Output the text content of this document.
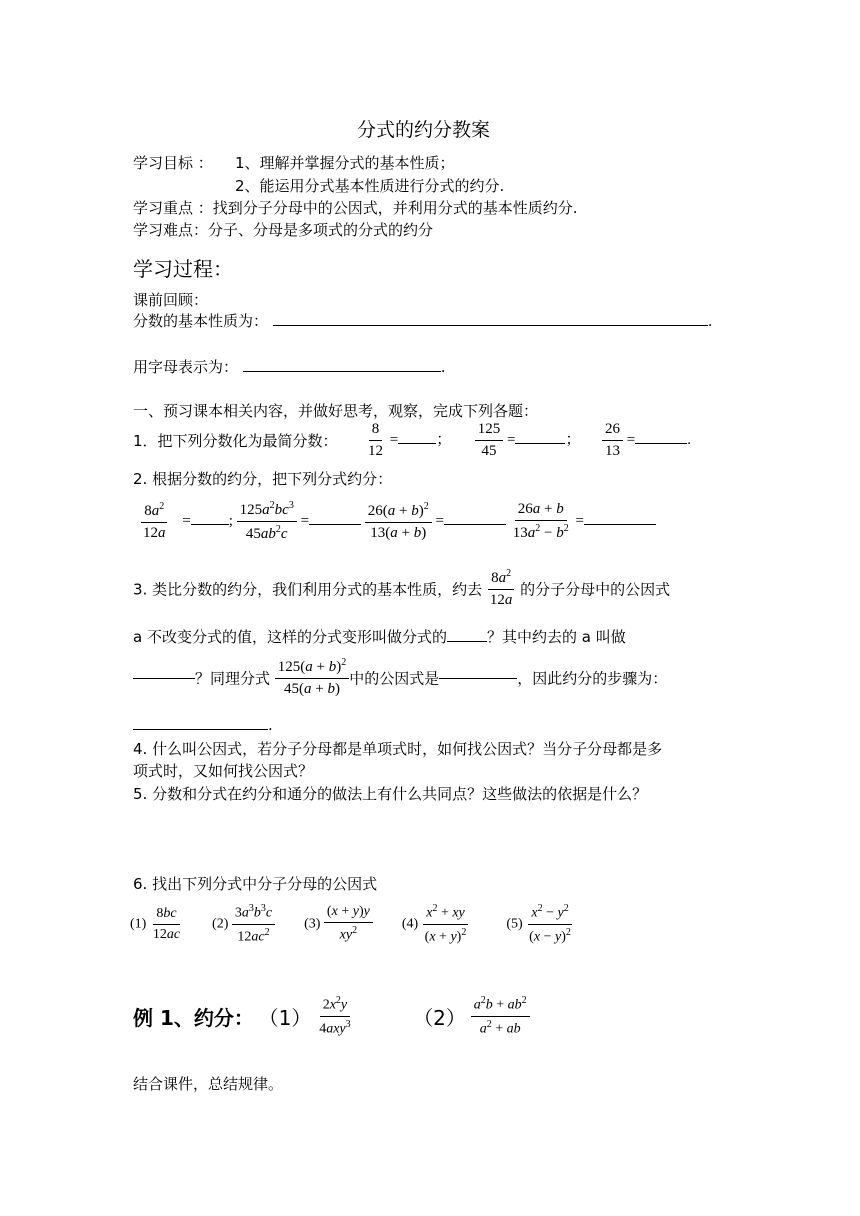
分式的约分教案
学习目标 ： 1、理解并掌握分式的基本性质；
2、能运用分式基本性质进行分式的约分.
学习重点 ：找到分子分母中的公因式，并利用分式的基本性质约分.
学习难点：分子、分母是多项式的分式的约分
学习过程：
课前回顾：
分数的基本性质为：	.
用字母表示为：	.
一、预习课本相关内容，并做好思考，观察，完成下列各题：
1．把下列分数化为最简分数： $\frac{8}{12}$ =	； $\frac{125}{45}$ =	； $\frac{26}{13}$ =	.
2. 根据分数的约分，把下列分式约分：
$\frac{8a^2}{12a}$ =	; $\frac{125a^2bc^3}{45ab^2c}$ =	$\frac{26(a + b)^2}{13(a + b)}$ =	$\frac{26a + b}{13a^2 - b^2}$ =
3. 类比分数的约分，我们利用分式的基本性质，约去 $\frac{8a^2}{12a}$ 的分子分母中的公因式
a 不改变分式的值，这样的分式变形叫做分式的	？其中约去的 a 叫做
？同理分式 $\frac{125(a + b)^2}{45(a + b)}$ 中的公因式是	，因此约分的步骤为：
.
4. 什么叫公因式，若分子分母都是单项式时，如何找公因式？当分子分母都是多
项式时，又如何找公因式？
5. 分数和分式在约分和通分的做法上有什么共同点？这些做法的依据是什么？
6. 找出下列分式中分子分母的公因式
$(1) \frac{8bc}{12ac} (2) \frac{3a^3b^3c}{12ac^2} (3) \frac{(x + y)y}{xy^2} (4) \frac{x^2 + xy}{(x + y)^2}$	$(5) \frac{x^2 - y^2}{(x - y)^2}$
例 1、约分： $(1) \frac{2x^2y}{4axy^3}$	$(2) \frac{a^2b + ab^2}{a^2 + ab}$
结合课件，总结规律。
